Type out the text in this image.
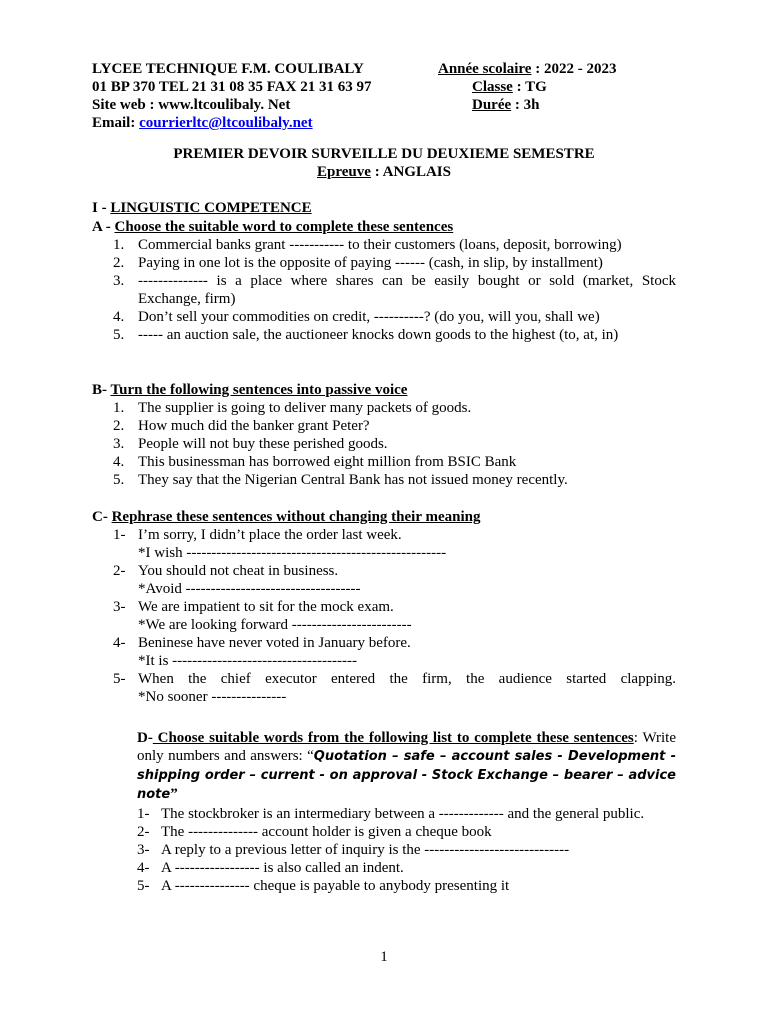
LYCEE TECHNIQUE F.M. COULIBALY
01 BP 370 TEL 21 31 08 35 FAX 21 31 63 97
Site web : www.ltcoulibaly. Net
Email: courrierltc@ltcoulibaly.net
Année scolaire : 2022 - 2023
Classe : TG
Durée : 3h
PREMIER DEVOIR SURVEILLE DU DEUXIEME SEMESTRE
Epreuve : ANGLAIS
I - LINGUISTIC COMPETENCE
A - Choose the suitable word to complete these sentences
1. Commercial banks grant ----------- to their customers (loans, deposit, borrowing)
2. Paying in one lot is the opposite of paying ------ (cash, in slip, by installment)
3. -------------- is a place where shares can be easily bought or sold (market, Stock Exchange, firm)
4. Don’t sell your commodities on credit, ----------? (do you, will you, shall we)
5. ----- an auction sale, the auctioneer knocks down goods to the highest (to, at, in)
B- Turn the following sentences into passive voice
1. The supplier is going to deliver many packets of goods.
2. How much did the banker grant Peter?
3. People will not buy these perished goods.
4. This businessman has borrowed eight million from BSIC Bank
5. They say that the Nigerian Central Bank has not issued money recently.
C- Rephrase these sentences without changing their meaning
1- I’m sorry, I didn’t place the order last week.
*I wish ----------------------------------------------------
2- You should not cheat in business.
*Avoid -----------------------------------
3- We are impatient to sit for the mock exam.
*We are looking forward ------------------------
4- Beninese have never voted in January before.
*It is -------------------------------------
5- When the chief executor entered the firm, the audience started clapping.
*No sooner ---------------
D- Choose suitable words from the following list to complete these sentences: Write only numbers and answers: “Quotation – safe – account sales - Development - shipping order – current - on approval - Stock Exchange – bearer – advice note”
1- The stockbroker is an intermediary between a ------------- and the general public.
2- The -------------- account holder is given a cheque book
3- A reply to a previous letter of inquiry is the -----------------------------
4- A ----------------- is also called an indent.
5- A --------------- cheque is payable to anybody presenting it
1
